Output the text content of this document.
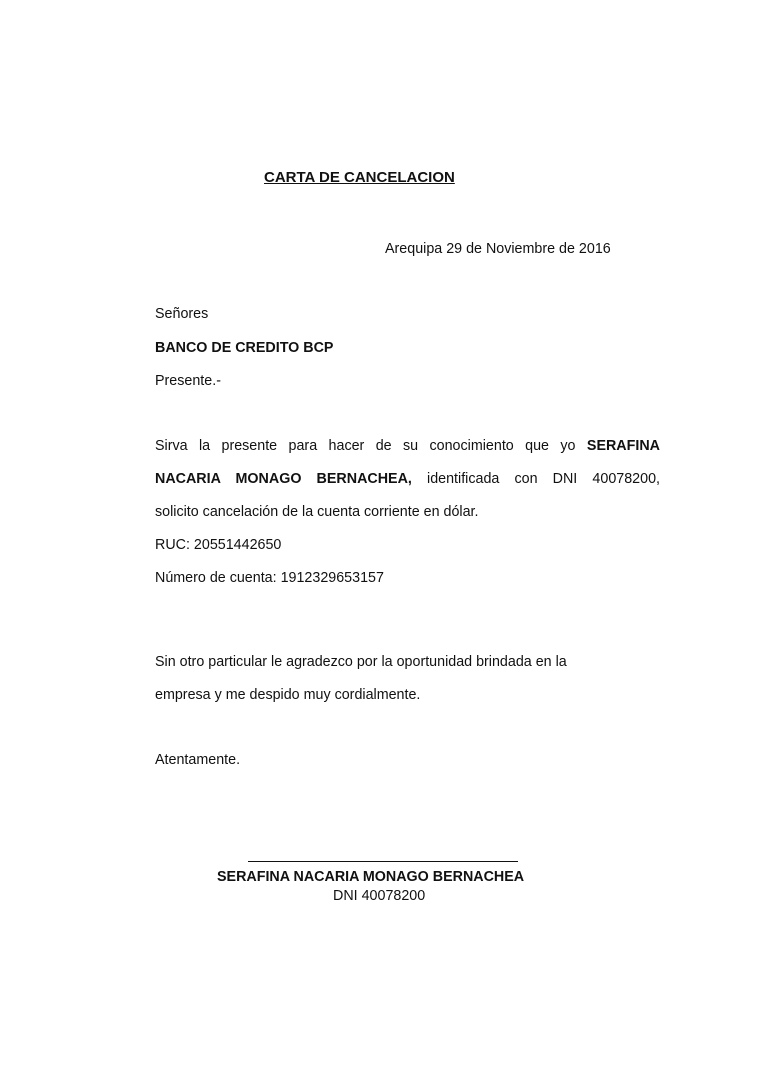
CARTA DE CANCELACION
Arequipa 29 de Noviembre de 2016
Señores
BANCO DE CREDITO BCP
Presente.-
Sirva la presente para hacer de su conocimiento que yo SERAFINA
NACARIA MONAGO BERNACHEA, identificada con DNI 40078200,
solicito cancelación de la cuenta corriente en dólar.
RUC: 20551442650
Número de cuenta: 1912329653157
Sin otro particular le agradezco por la oportunidad brindada en la
empresa y me despido muy cordialmente.
Atentamente.
SERAFINA NACARIA MONAGO BERNACHEA
DNI 40078200
